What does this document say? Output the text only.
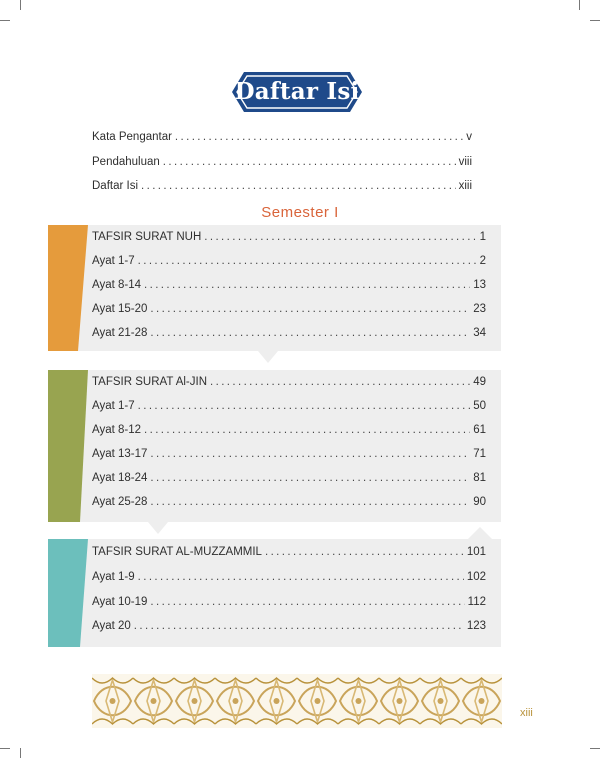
Daftar Isi
Kata Pengantar .....	v
Pendahuluan .....	viii
Daftar Isi .....	xiii
Semester I
TAFSIR SURAT NUH .....	1
Ayat 1-7 .....	2
Ayat 8-14 .....	13
Ayat 15-20 .....	23
Ayat 21-28 .....	34
TAFSIR SURAT Al-JIN .....	49
Ayat 1-7 .....	50
Ayat 8-12 .....	61
Ayat 13-17 .....	71
Ayat 18-24 .....	81
Ayat 25-28 .....	90
TAFSIR SURAT AL-MUZZAMMIL .....	101
Ayat 1-9 .....	102
Ayat 10-19 .....	112
Ayat 20 .....	123
xiii
